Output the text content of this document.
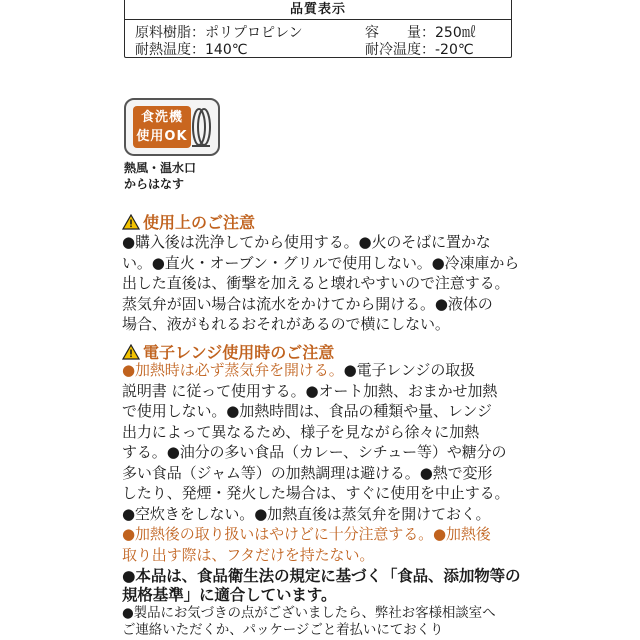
品質表示
原料樹脂：ポリプロピレン	容　　量：250㎖
耐熱温度：140℃	耐冷温度：-20℃
食洗機
使用OK
熱風・温水口
からはなす
使用上のご注意
●購入後は洗浄してから使用する。●火のそばに置かな
い。●直火・オーブン・グリルで使用しない。●冷凍庫から
出した直後は、衝撃を加えると壊れやすいので注意する。
蒸気弁が固い場合は流水をかけてから開ける。●液体の
場合、液がもれるおそれがあるので横にしない。
電子レンジ使用時のご注意
●加熱時は必ず蒸気弁を開ける。●電子レンジの取扱
説明書 に従って使用する。●オート加熱、おまかせ加熱
で使用しない。●加熱時間は、食品の種類や量、レンジ
出力によって異なるため、様子を見ながら徐々に加熱
する。●油分の多い食品（カレー、シチュー等）や糖分の
多い食品（ジャム等）の加熱調理は避ける。●熱で変形
したり、発煙・発火した場合は、すぐに使用を中止する。
●空炊きをしない。●加熱直後は蒸気弁を開けておく。
●加熱後の取り扱いはやけどに十分注意する。●加熱後
取り出す際は、フタだけを持たない。
●本品は、食品衛生法の規定に基づく「食品、添加物等の
規格基準」に適合しています。
●製品にお気づきの点がございましたら、弊社お客様相談室へ
ご連絡いただくか、パッケージごと着払いにておくり
